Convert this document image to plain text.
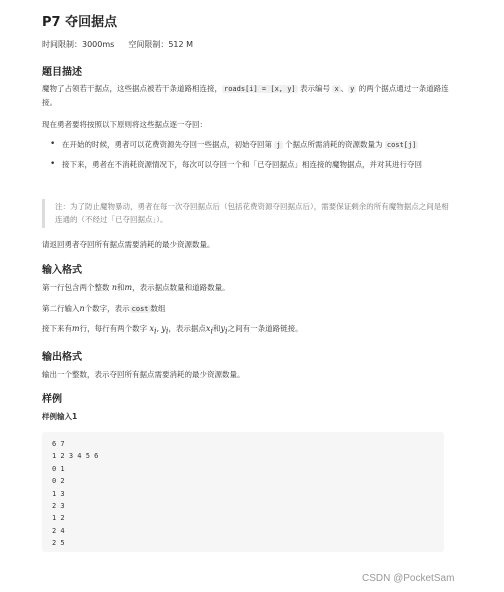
P7 夺回据点
时间限制：3000ms 空间限制：512 M
题目描述
魔物了占领若干据点，这些据点被若干条道路相连接， roads[i] = [x, y] 表示编号 x 、 y 的两个据点通过一条道路连接。
现在勇者要将按照以下原则将这些据点逐一夺回：
• 在开始的时候，勇者可以花费资源先夺回一些据点，初始夺回第 j 个据点所需消耗的资源数量为 cost[j]
• 接下来，勇者在不消耗资源情况下，每次可以夺回一个和「已夺回据点」相连接的魔物据点，并对其进行夺回
注：为了防止魔物暴动，勇者在每一次夺回据点后（包括花费资源夺回据点后），需要保证剩余的所有魔物据点之间是相连通的（不经过「已夺回据点」）。
请返回勇者夺回所有据点需要消耗的最少资源数量。
输入格式
第一行包含两个整数 n和m，表示据点数量和道路数量。
第二行输入n个数字，表示 cost 数组
接下来有m行，每行有两个数字 $x_i$, $y_i$，表示据点$x_i$和$y_i$之间有一条道路链接。
输出格式
输出一个整数，表示夺回所有据点需要消耗的最少资源数量。
样例
样例输入1
6 7
1 2 3 4 5 6
0 1
0 2
1 3
2 3
1 2
2 4
2 5
CSDN @PocketSam
